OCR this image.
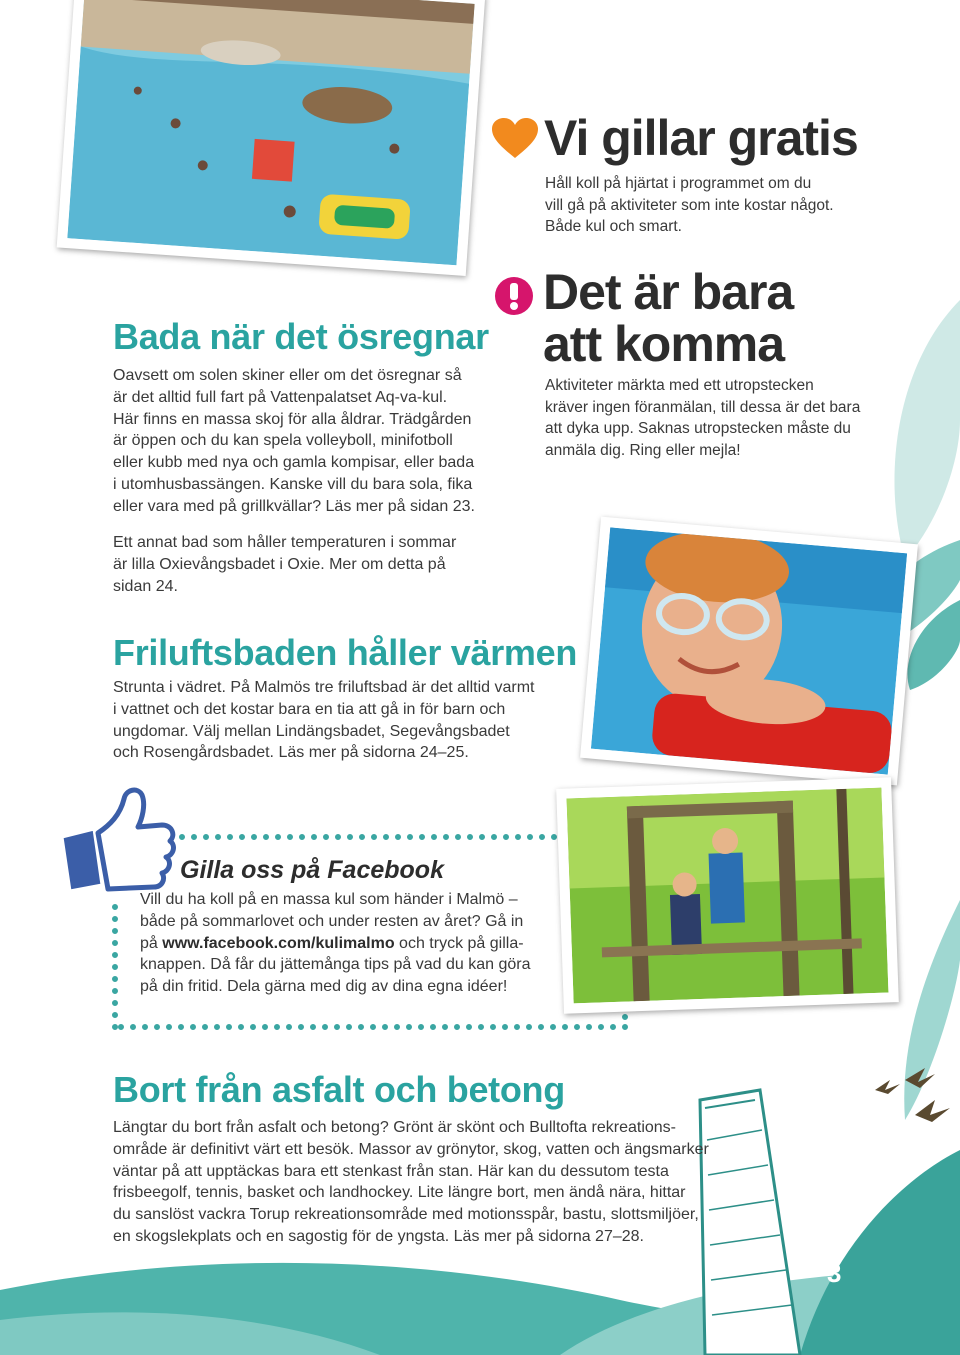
Bada när det ösregnar

Oavsett om solen skiner eller om det ösregnar så

är det alltid full fart på Vattenpalatset Aq-va-kul.

Här finns en massa skoj för alla åldrar. Trädgården

är öppen och du kan spela volleyboll, minifotboll

eller kubb med nya och gamla kompisar, eller bada

i utomhusbassängen. Kanske vill du bara sola, fika

eller vara med på grillkvällar? Läs mer på sidan 23.

Ett annat bad som håller temperaturen i sommar

är lilla Oxievångsbadet i Oxie. Mer om detta på

sidan 24.

Vi gillar gratis

Håll koll på hjärtat i programmet om du

vill gå på aktiviteter som inte kostar något.

Både kul och smart.

Det är bara
att komma

Aktiviteter märkta med ett utropstecken

kräver ingen föranmälan, till dessa är det bara

att dyka upp. Saknas utropstecken måste du

anmäla dig. Ring eller mejla!

Friluftsbaden håller värmen

Strunta i vädret. På Malmös tre friluftsbad är det alltid varmt

i vattnet och det kostar bara en tia att gå in för barn och

ungdomar. Välj mellan Lindängsbadet, Segevångsbadet

och Rosengårdsbadet. Läs mer på sidorna 24–25.

Gilla oss på Facebook

Vill du ha koll på en massa kul som händer i Malmö –

både på sommarlovet och under resten av året? Gå in

på www.facebook.com/kulimalmo och tryck på gilla-

knappen. Då får du jättemånga tips på vad du kan göra

på din fritid. Dela gärna med dig av dina egna idéer!

Bort från asfalt och betong

Längtar du bort från asfalt och betong? Grönt är skönt och Bulltofta rekreations-

område är definitivt värt ett besök. Massor av grönytor, skog, vatten och ängsmarker

väntar på att upptäckas bara ett stenkast från stan. Här kan du dessutom testa

frisbeegolf, tennis, basket och landhockey. Lite längre bort, men ändå nära, hittar

du sanslöst vackra Torup rekreationsområde med motionsspår, bastu, slottsmiljöer,

en skogslekplats och en sagostig för de yngsta. Läs mer på sidorna 27–28.

3
